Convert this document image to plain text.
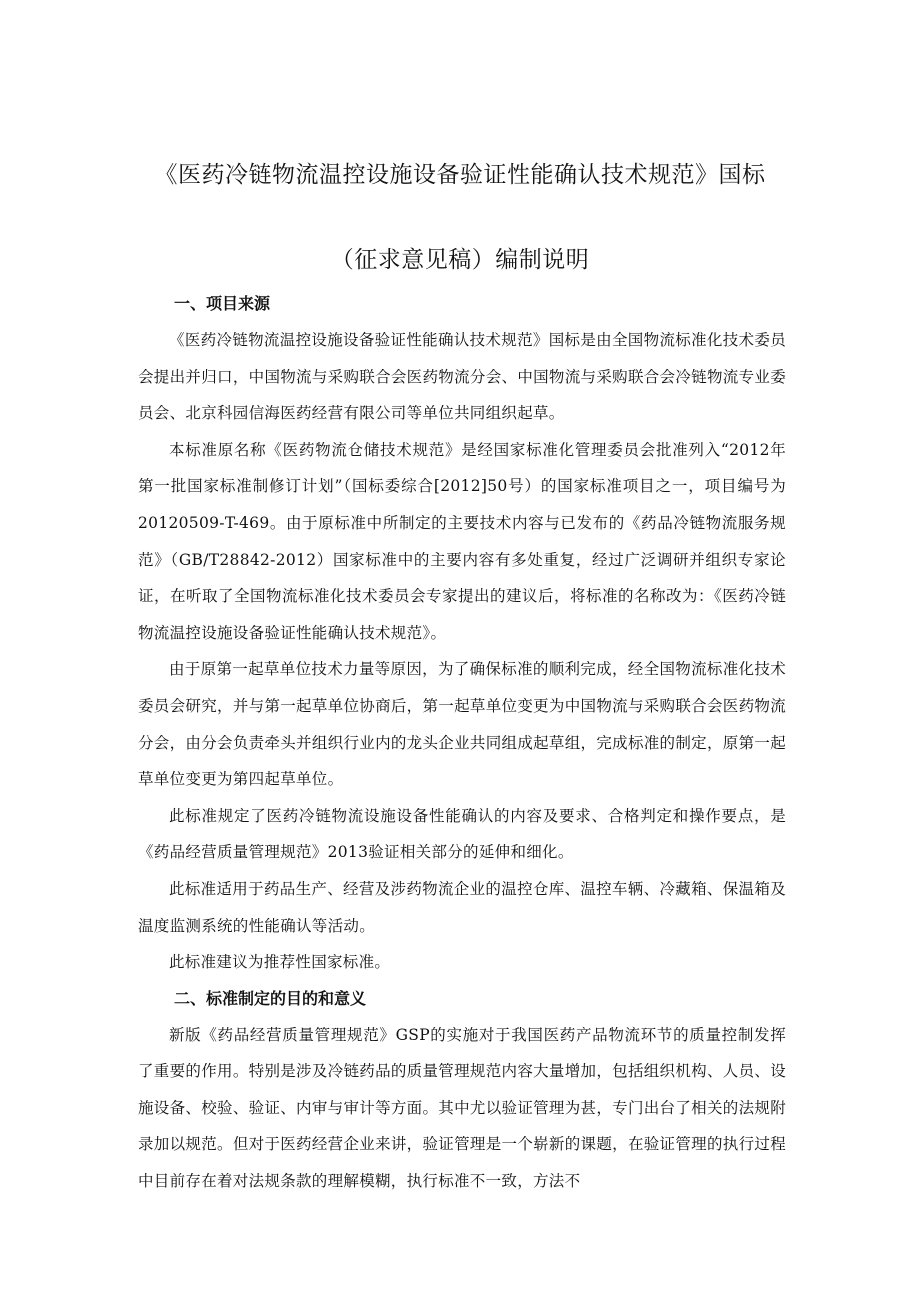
《医药冷链物流温控设施设备验证性能确认技术规范》国标
（征求意见稿）编制说明
一、项目来源

《医药冷链物流温控设施设备验证性能确认技术规范》国标是由全国物流标准化技术委员会提出并归口，中国物流与采购联合会医药物流分会、中国物流与采购联合会冷链物流专业委员会、北京科园信海医药经营有限公司等单位共同组织起草。

本标准原名称《医药物流仓储技术规范》是经国家标准化管理委员会批准列入“2012年第一批国家标准制修订计划”（国标委综合[2012]50号）的国家标准项目之一，项目编号为20120509-T-469。由于原标准中所制定的主要技术内容与已发布的《药品冷链物流服务规范》（GB/T28842-2012）国家标准中的主要内容有多处重复，经过广泛调研并组织专家论证，在听取了全国物流标准化技术委员会专家提出的建议后，将标准的名称改为：《医药冷链物流温控设施设备验证性能确认技术规范》。

由于原第一起草单位技术力量等原因，为了确保标准的顺利完成，经全国物流标准化技术委员会研究，并与第一起草单位协商后，第一起草单位变更为中国物流与采购联合会医药物流分会，由分会负责牵头并组织行业内的龙头企业共同组成起草组，完成标准的制定，原第一起草单位变更为第四起草单位。

此标准规定了医药冷链物流设施设备性能确认的内容及要求、合格判定和操作要点，是《药品经营质量管理规范》2013验证相关部分的延伸和细化。

此标准适用于药品生产、经营及涉药物流企业的温控仓库、温控车辆、冷藏箱、保温箱及温度监测系统的性能确认等活动。

此标准建议为推荐性国家标准。

二、标准制定的目的和意义

新版《药品经营质量管理规范》GSP的实施对于我国医药产品物流环节的质量控制发挥了重要的作用。特别是涉及冷链药品的质量管理规范内容大量增加，包括组织机构、人员、设施设备、校验、验证、内审与审计等方面。其中尤以验证管理为甚，专门出台了相关的法规附录加以规范。但对于医药经营企业来讲，验证管理是一个崭新的课题，在验证管理的执行过程中目前存在着对法规条款的理解模糊，执行标准不一致，方法不
